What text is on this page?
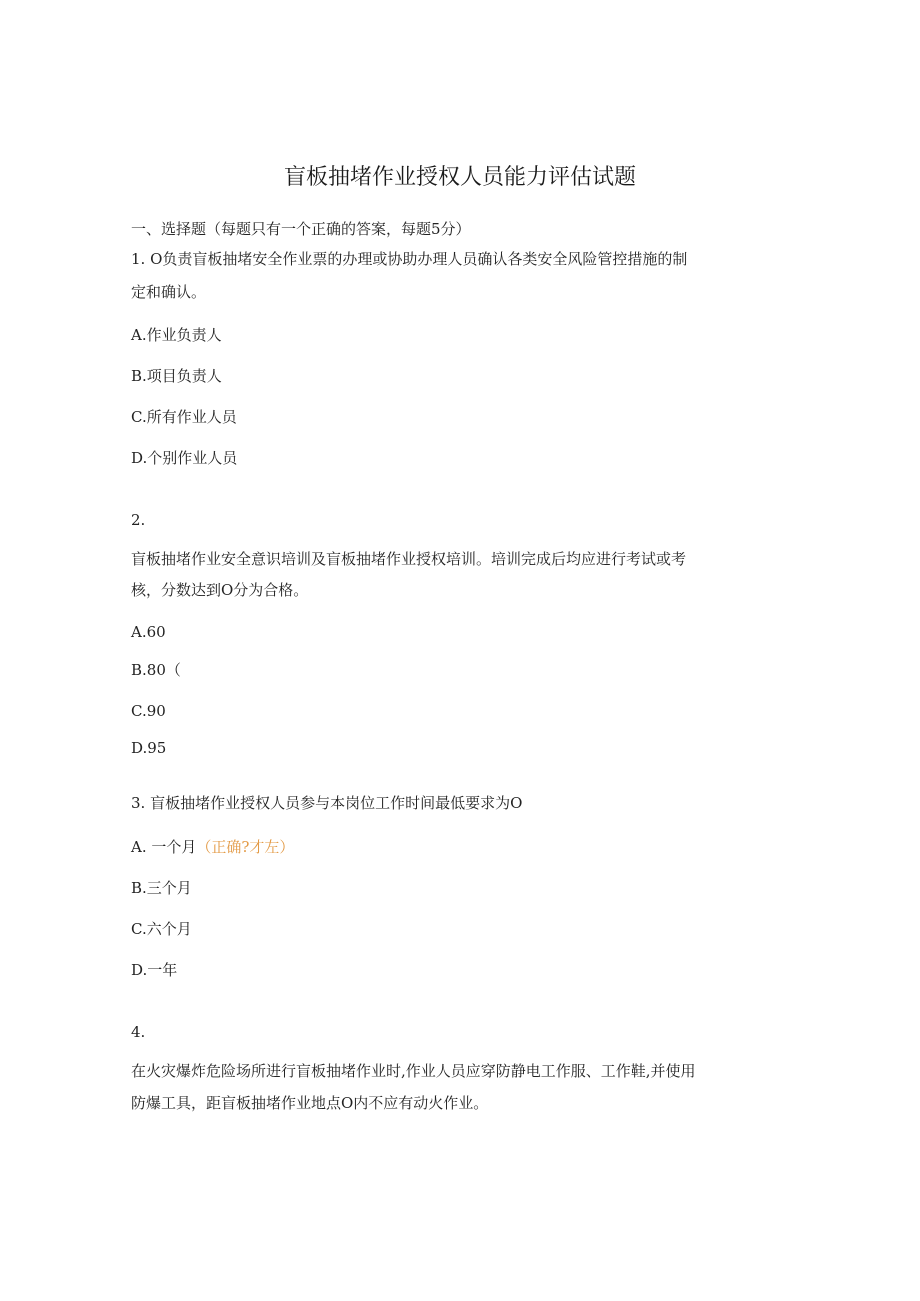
盲板抽堵作业授权人员能力评估试题
一、选择题（每题只有一个正确的答案，每题5分）
1. O负责盲板抽堵安全作业票的办理或协助办理人员确认各类安全风险管控措施的制
定和确认。
A.作业负责人
B.项目负责人
C.所有作业人员
D.个别作业人员
2.
盲板抽堵作业安全意识培训及盲板抽堵作业授权培训。培训完成后均应进行考试或考
核，分数达到O分为合格。
A.60
B.80（
C.90
D.95
3. 盲板抽堵作业授权人员参与本岗位工作时间最低要求为O
A. 一个月（正确?才左）
B.三个月
C.六个月
D.一年
4.
在火灾爆炸危险场所进行盲板抽堵作业时,作业人员应穿防静电工作服、工作鞋,并使用
防爆工具，距盲板抽堵作业地点O内不应有动火作业。
